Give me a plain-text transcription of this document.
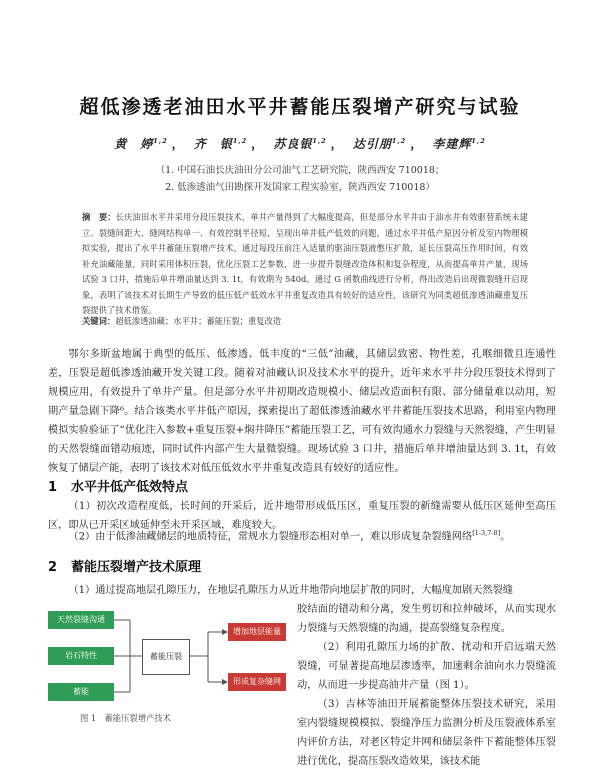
超低渗透老油田水平井蓄能压裂增产研究与试验
黄　婷$^{1,2}$ ， 齐　银$^{1,2}$ ， 苏良银$^{1,2}$ ， 达引朋$^{1,2}$ ， 李建辉$^{1,2}$
（1. 中国石油长庆油田分公司油气工艺研究院，陕西西安 710018；
2. 低渗透油气田勘探开发国家工程实验室，陕西西安 710018）
摘　要：长庆油田水平井采用分段压裂技术，单井产量得到了大幅度提高，但是部分水平井由于油水井有效驱替系统未建立、裂缝间距大、缝网结构单一、有效控制半径短，呈现出单井低产低效的问题，通过水平井低产原因分析及室内物理模拟实验，提出了水平井蓄能压裂增产技术。通过每段压前注入适量的驱油压裂液憋压扩散，延长压裂高压作用时间，有效补充油藏能量，同时采用体积压裂，优化压裂工艺参数，进一步提升裂缝改造体积和复杂程度，从而提高单井产量，现场试验 3 口井，措施后单井增油量达到 3. 1t，有效期为 540d。通过 G 函数曲线进行分析，得出改造后出现微裂缝开启现象，表明了该技术对长期生产导致的低压低产低效水平井重复改造具有较好的适应性，该研究为同类超低渗透油藏重复压裂提供了技术借鉴。
关键词：超低渗透油藏；水平井；蓄能压裂；重复改造
鄂尔多斯盆地属于典型的低压、低渗透、低丰度的“三低”油藏，其储层致密、物性差，孔喉细微且连通性差，压裂是超低渗透油藏开发关键工段。随着对油藏认识及技术水平的提升，近年来水平井分段压裂技术得到了规模应用，有效提升了单井产量。但是部分水平井初期改造规模小、储层改造面积有限、部分储量难以动用，短期产量急剧下降⁶。结合该类水平井低产原因，探索提出了超低渗透油藏水平井蓄能压裂技术思路，利用室内物理模拟实验验证了“优化注入参数+重复压裂+焖井降压”蓄能压裂工艺，可有效沟通水力裂缝与天然裂缝，产生明显的天然裂缝面错动痕迹，同时试件内部产生大量微裂缝。现场试验 3 口井，措施后单井增油量达到 3. 1t，有效恢复了储层产能，表明了该技术对低压低效水平井重复改造具有较好的适应性。
1 水平井低产低效特点
（1）初次改造程度低，长时间的开采后，近井地带形成低压区，重复压裂的新缝需要从低压区延伸至高压区，即从已开采区域延伸至未开采区域，难度较大。
（2）由于低渗油藏储层的地质特征，常规水力裂缝形态相对单一，难以形成复杂裂缝网络[1-3,7-8]。
2 蓄能压裂增产技术原理
（1）通过提高地层孔隙压力，在地层孔隙压力从近井地带向地层扩散的同时，大幅度加剧天然裂缝
天然裂缝沟通
岩石特性
蓄能
蓄能压裂
增加地层能量
形成复杂缝网
图 1　蓄能压裂增产技术

胶结面的错动和分离，发生剪切和拉伸破坏，从而实现水力裂缝与天然裂缝的沟通，提高裂缝复杂程度。

（2）利用孔隙压力场的扩散、扰动和开启远端天然裂缝，可显著提高地层渗透率，加速剩余油向水力裂缝流动，从而进一步提高油井产量（图 1）。

（3）吉林等油田开展蓄能整体压裂技术研究，采用室内裂缝规模模拟、裂缝净压力监测分析及压裂液体系室内评价方法，对老区特定井网和储层条件下蓄能整体压裂进行优化，提高压裂改造效果，该技术能
